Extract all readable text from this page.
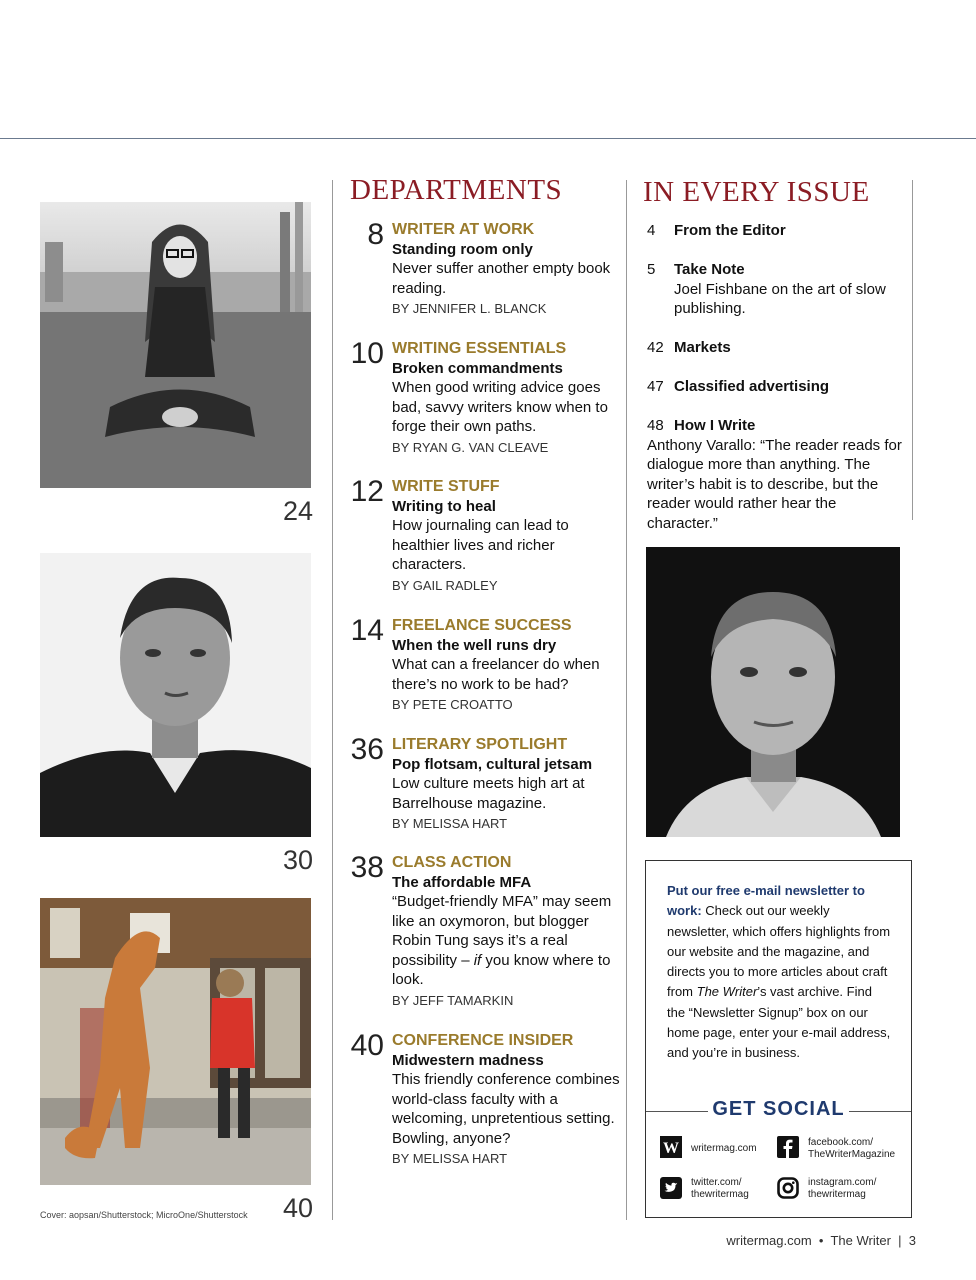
24
30
Cover: aopsan/Shutterstock; MicroOne/Shutterstock	40
DEPARTMENTS
8 WRITER AT WORK
Standing room only
Never suffer another empty book reading.
BY JENNIFER L. BLANCK
10 WRITING ESSENTIALS
Broken commandments
When good writing advice goes bad, savvy writers know when to forge their own paths.
BY RYAN G. VAN CLEAVE
12 WRITE STUFF
Writing to heal
How journaling can lead to healthier lives and richer characters.
BY GAIL RADLEY
14 FREELANCE SUCCESS
When the well runs dry
What can a freelancer do when there’s no work to be had?
BY PETE CROATTO
36 LITERARY SPOTLIGHT
Pop flotsam, cultural jetsam
Low culture meets high art at Barrelhouse magazine.
BY MELISSA HART
38 CLASS ACTION
The affordable MFA
“Budget-friendly MFA” may seem like an oxymoron, but blogger Robin Tung says it’s a real possibility – if you know where to look.
BY JEFF TAMARKIN
40 CONFERENCE INSIDER
Midwestern madness
This friendly conference combines world-class faculty with a welcoming, unpretentious setting. Bowling, anyone?
BY MELISSA HART
IN EVERY ISSUE
4 From the Editor
5 Take Note
Joel Fishbane on the art of slow publishing.
42 Markets
47 Classified advertising
48 How I Write
Anthony Varallo: “The reader reads for dialogue more than anything. The writer’s habit is to describe, but the reader would rather hear the character.”
Put our free e-mail newsletter to work: Check out our weekly newsletter, which offers highlights from our website and the magazine, and directs you to more articles about craft from The Writer’s vast archive. Find the “Newsletter Signup” box on our home page, enter your e-mail address, and you’re in business.
GET SOCIAL
W writermag.com
facebook.com/
TheWriterMagazine
twitter.com/
thewritermag
instagram.com/
thewritermag
writermag.com • The Writer | 3
